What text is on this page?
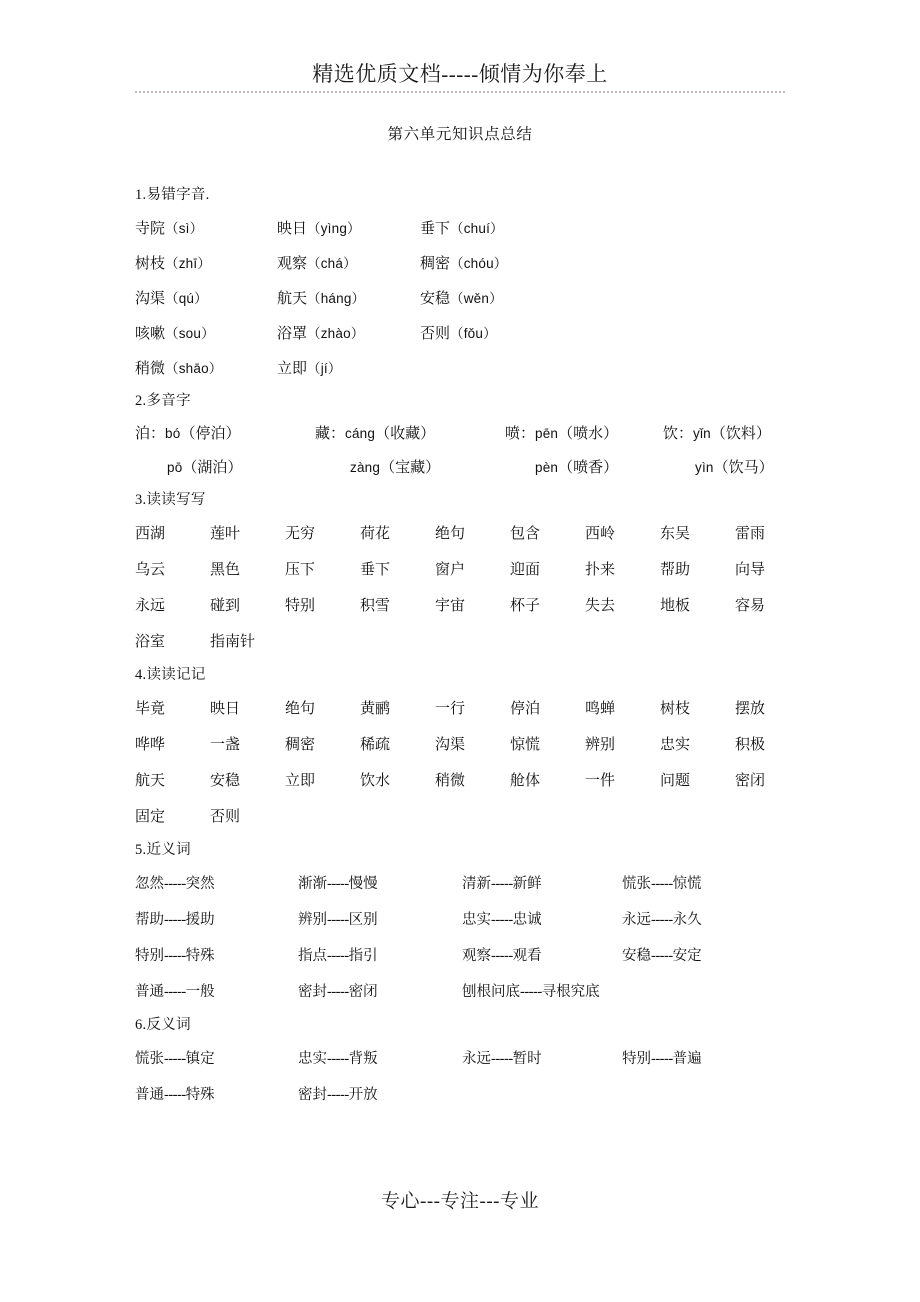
精选优质文档-----倾情为你奉上
第六单元知识点总结
1.易错字音.
寺院（sì）	映日（yìng）	垂下（chuí）
树枝（zhī）	观察（chá）	稠密（chóu）
沟渠（qú）	航天（háng）	安稳（wěn）
咳嗽（sou）	浴罩（zhào）	否则（fǒu）
稍微（shāo）	立即（jí）
2.多音字
泊：bó（停泊）	藏：cáng（收藏）	喷：pēn（喷水）	饮：yǐn（饮料）
pō（湖泊）	zàng（宝藏）	pèn（喷香）	yìn（饮马）
3.读读写写
西湖	莲叶	无穷	荷花	绝句	包含	西岭	东吴	雷雨
乌云	黑色	压下	垂下	窗户	迎面	扑来	帮助	向导
永远	碰到	特别	积雪	宇宙	杯子	失去	地板	容易
浴室	指南针
4.读读记记
毕竟	映日	绝句	黄鹂	一行	停泊	鸣蝉	树枝	摆放
哗哗	一盏	稠密	稀疏	沟渠	惊慌	辨别	忠实	积极
航天	安稳	立即	饮水	稍微	舱体	一件	问题	密闭
固定	否则
5.近义词
忽然-----突然	渐渐-----慢慢	清新-----新鲜	慌张-----惊慌
帮助-----援助	辨别-----区别	忠实-----忠诚	永远-----永久
特别-----特殊	指点-----指引	观察-----观看	安稳-----安定
普通-----一般	密封-----密闭	刨根问底-----寻根究底
6.反义词
慌张-----镇定	忠实-----背叛	永远-----暂时	特别-----普遍
普通-----特殊	密封-----开放
专心---专注---专业
